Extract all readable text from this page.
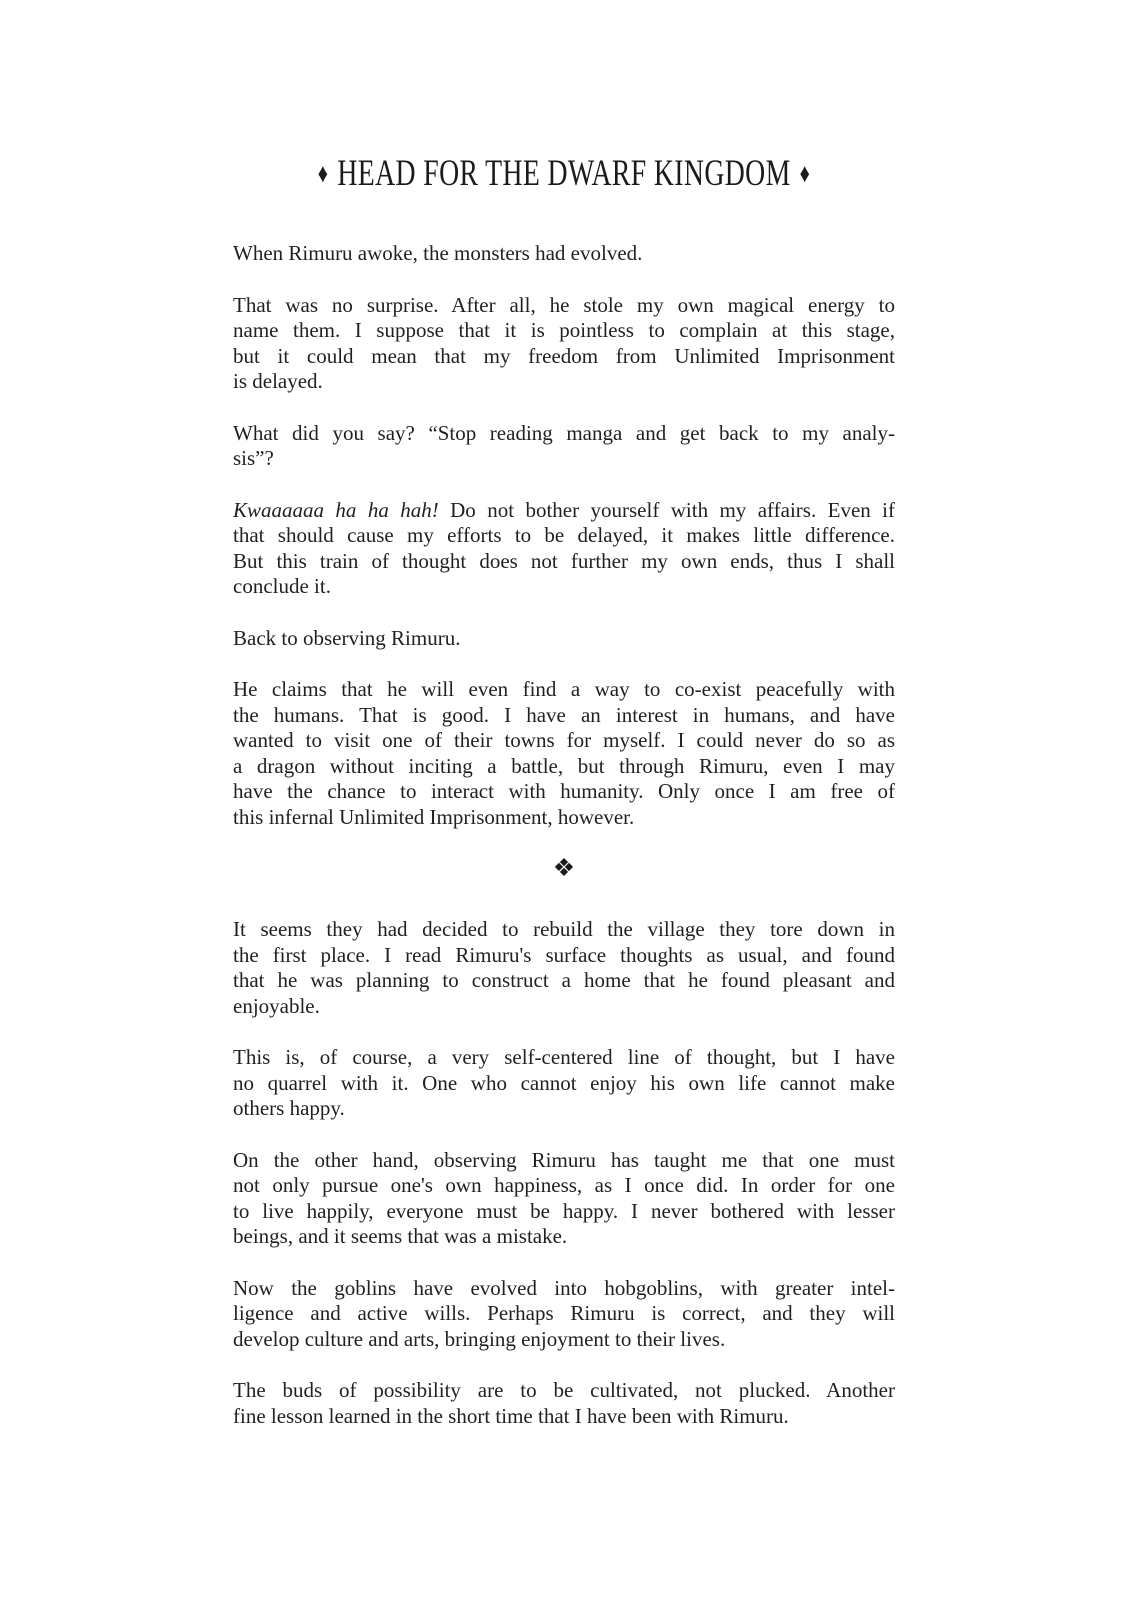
♦ HEAD FOR THE DWARF KINGDOM ♦
When Rimuru awoke, the monsters had evolved.
That was no surprise. After all, he stole my own magical energy to
name them. I suppose that it is pointless to complain at this stage,
but it could mean that my freedom from Unlimited Imprisonment
is delayed.
What did you say? “Stop reading manga and get back to my analy-
sis”?
Kwaaaaaa ha ha hah! Do not bother yourself with my affairs. Even if
that should cause my efforts to be delayed, it makes little difference.
But this train of thought does not further my own ends, thus I shall
conclude it.
Back to observing Rimuru.
He claims that he will even find a way to co-exist peacefully with
the humans. That is good. I have an interest in humans, and have
wanted to visit one of their towns for myself. I could never do so as
a dragon without inciting a battle, but through Rimuru, even I may
have the chance to interact with humanity. Only once I am free of
this infernal Unlimited Imprisonment, however.
❖
It seems they had decided to rebuild the village they tore down in
the first place. I read Rimuru's surface thoughts as usual, and found
that he was planning to construct a home that he found pleasant and
enjoyable.
This is, of course, a very self-centered line of thought, but I have
no quarrel with it. One who cannot enjoy his own life cannot make
others happy.
On the other hand, observing Rimuru has taught me that one must
not only pursue one's own happiness, as I once did. In order for one
to live happily, everyone must be happy. I never bothered with lesser
beings, and it seems that was a mistake.
Now the goblins have evolved into hobgoblins, with greater intel-
ligence and active wills. Perhaps Rimuru is correct, and they will
develop culture and arts, bringing enjoyment to their lives.
The buds of possibility are to be cultivated, not plucked. Another
fine lesson learned in the short time that I have been with Rimuru.
